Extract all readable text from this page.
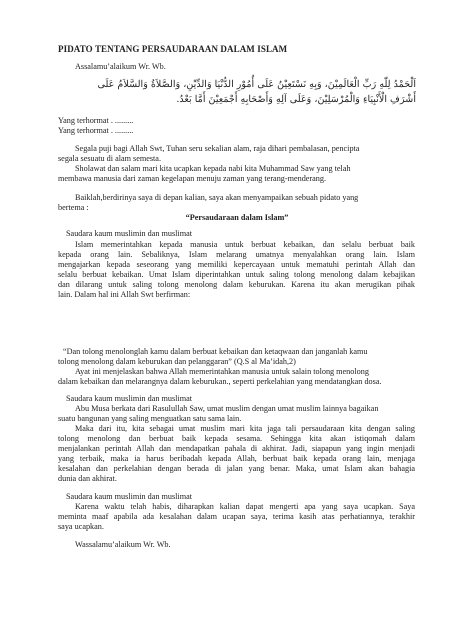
PIDATO TENTANG PERSAUDARAAN DALAM ISLAM
Assalamu’alaikum Wr. Wb.
اَلْحَمْدُ لِلّٰهِ رَبِّ الْعَالَمِيْنَ، وَبِهِ نَسْتَعِيْنُ عَلَى أُمُوْرِ الدُّنْيَا وَالدِّيْنِ، وَالصَّلاَةُ وَالسَّلاَمُ عَلَى
أَشْرَفِ الْأَنْبِيَاءِ وَالْمُرْسَلِيْنَ، وَعَلَى آلِهِ وَأَصْحَابِهِ أَجْمَعِيْنَ أَمَّا بَعْدُ.
Yang terhormat . .........
Yang terhormat . .........
Segala puji bagi Allah Swt, Tuhan seru sekalian alam, raja dihari pembalasan, pencipta
segala sesuatu di alam semesta.
Sholawat dan salam mari kita ucapkan kepada nabi kita Muhammad Saw yang telah
membawa manusia dari zaman kegelapan menuju zaman yang terang-menderang.
Baiklah,berdirinya saya di depan kalian, saya akan menyampaikan sebuah pidato yang
bertema :
“Persaudaraan dalam Islam”
Saudara kaum muslimin dan muslimat
Islam memerintahkan kepada manusia untuk berbuat kebaikan, dan selalu berbuat baik
kepada orang lain. Sebaliknya, Islam melarang umatnya menyalahkan orang lain. Islam
mengajarkan kepada seseorang yang memiliki kepercayaan untuk mematuhi perintah Allah dan
selalu berbuat kebaikan. Umat Islam diperintahkan untuk saling tolong menolong dalam kebajikan
dan dilarang untuk saling tolong menolong dalam keburukan. Karena itu akan merugikan pihak
lain. Dalam hal ini Allah Swt berfirman:
“Dan tolong menolonglah kamu dalam berbuat kebaikan dan ketaqwaan dan janganlah kamu
tolong menolong dalam keburukan dan pelanggaran” (Q.S al Ma’idah,2)
Ayat ini menjelaskan bahwa Allah memerintahkan manusia untuk salain tolong menolong
dalam kebaikan dan melarangnya dalam keburukan., seperti perkelahian yang mendatangkan dosa.
Saudara kaum muslimin dan muslimat
Abu Musa berkata dari Rasulullah Saw, umat muslim dengan umat muslim lainnya bagaikan
suatu bangunan yang saling menguatkan satu sama lain.
Maka dari itu, kita sebagai umat muslim mari kita jaga tali persaudaraan kita dengan saling
tolong menolong dan berbuat baik kepada sesama. Sehingga kita akan istiqomah dalam
menjalankan perintah Allah dan mendapatkan pahala di akhirat. Jadi, siapapun yang ingin menjadi
yang terbaik, maka ia harus beribadah kepada Allah, berbuat baik kepada orang lain, menjaga
kesalahan dan perkelahian dengan berada di jalan yang benar. Maka, umat Islam akan bahagia
dunia dan akhirat.
Saudara kaum muslimin dan muslimat
Karena waktu telah habis, diharapkan kalian dapat mengerti apa yang saya ucapkan. Saya
meminta maaf apabila ada kesalahan dalam ucapan saya, terima kasih atas perhatiannya, terakhir
saya ucapkan.
Wassalamu’alaikum Wr. Wb.
